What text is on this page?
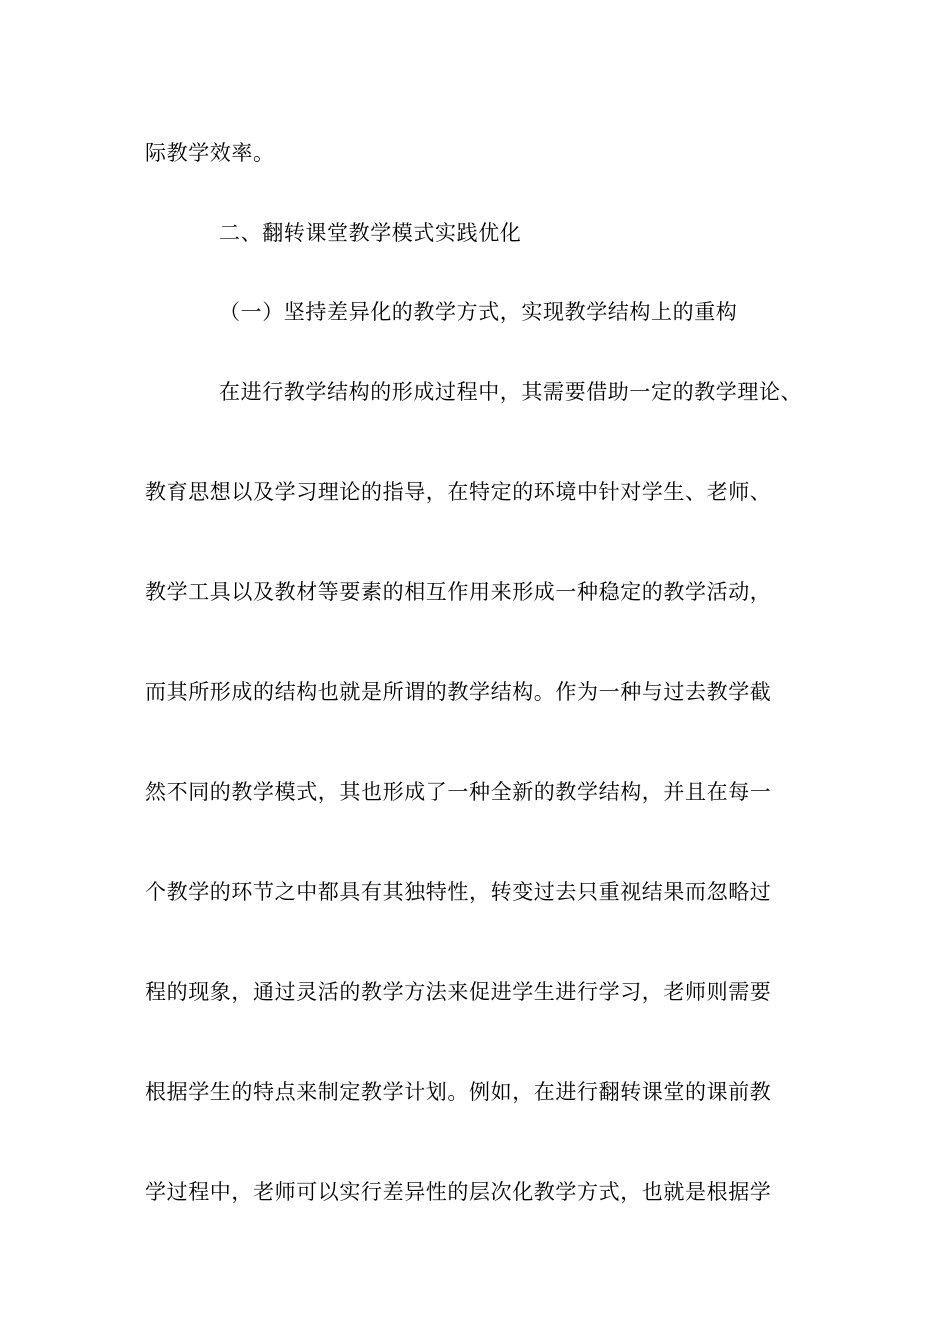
际教学效率。
二、翻转课堂教学模式实践优化
（一）坚持差异化的教学方式，实现教学结构上的重构
在进行教学结构的形成过程中，其需要借助一定的教学理论、
教育思想以及学习理论的指导，在特定的环境中针对学生、老师、
教学工具以及教材等要素的相互作用来形成一种稳定的教学活动，
而其所形成的结构也就是所谓的教学结构。作为一种与过去教学截
然不同的教学模式，其也形成了一种全新的教学结构，并且在每一
个教学的环节之中都具有其独特性，转变过去只重视结果而忽略过
程的现象，通过灵活的教学方法来促进学生进行学习，老师则需要
根据学生的特点来制定教学计划。例如，在进行翻转课堂的课前教
学过程中，老师可以实行差异性的层次化教学方式，也就是根据学
